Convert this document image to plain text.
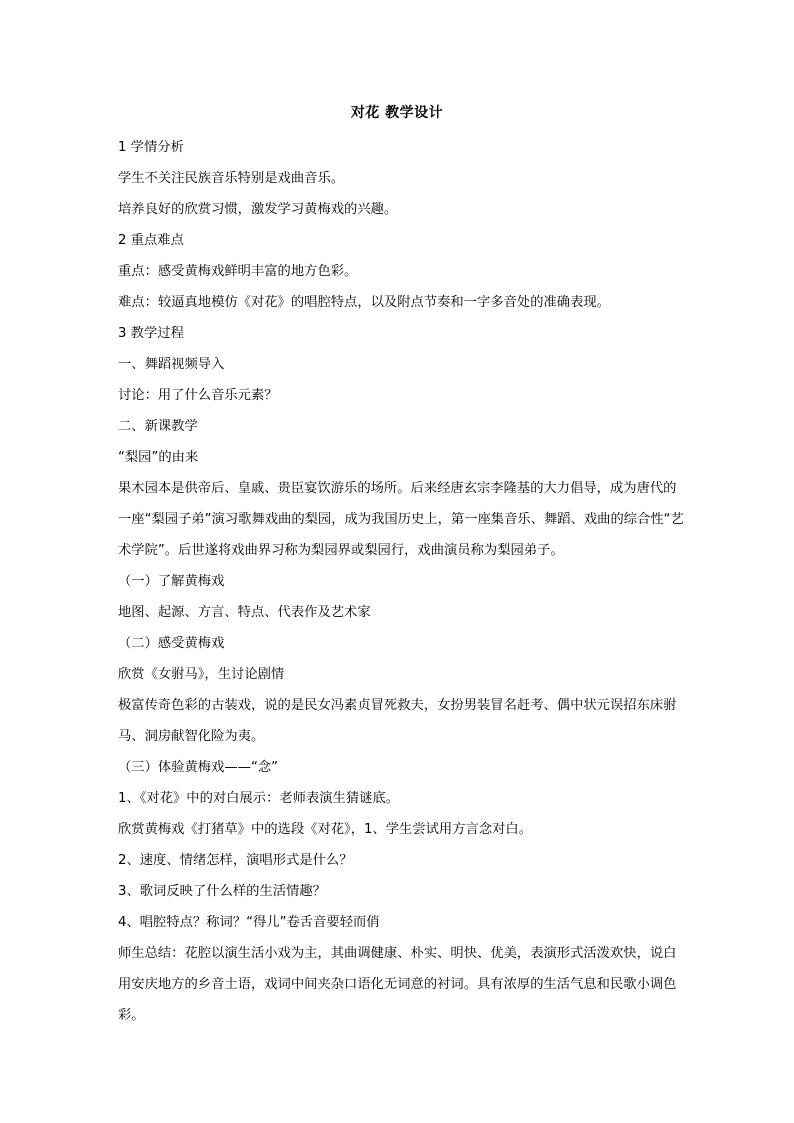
对花 教学设计

1 学情分析

学生不关注民族音乐特别是戏曲音乐。

培养良好的欣赏习惯，激发学习黄梅戏的兴趣。

2 重点难点

重点：感受黄梅戏鲜明丰富的地方色彩。

难点：较逼真地模仿《对花》的唱腔特点，以及附点节奏和一字多音处的准确表现。

3 教学过程

一、舞蹈视频导入

讨论：用了什么音乐元素？

二、新课教学

“梨园”的由来

果木园本是供帝后、皇戚、贵臣宴饮游乐的场所。后来经唐玄宗李隆基的大力倡导，成为唐代的一座“梨园子弟”演习歌舞戏曲的梨园，成为我国历史上，第一座集音乐、舞蹈、戏曲的综合性“艺术学院”。后世遂将戏曲界习称为梨园界或梨园行，戏曲演员称为梨园弟子。

（一）了解黄梅戏

地图、起源、方言、特点、代表作及艺术家

（二）感受黄梅戏

欣赏《女驸马》，生讨论剧情

极富传奇色彩的古装戏，说的是民女冯素贞冒死救夫，女扮男装冒名赶考、偶中状元误招东床驸马、洞房献智化险为夷。

（三）体验黄梅戏——“念”

1、《对花》中的对白展示：老师表演生猜谜底。

欣赏黄梅戏《打猪草》中的选段《对花》，1、学生尝试用方言念对白。

2、速度、情绪怎样，演唱形式是什么？

3、歌词反映了什么样的生活情趣？

4、唱腔特点？称词？“得儿”卷舌音要轻而俏

师生总结：花腔以演生活小戏为主，其曲调健康、朴实、明快、优美，表演形式活泼欢快，说白用安庆地方的乡音土语，戏词中间夹杂口语化无词意的衬词。具有浓厚的生活气息和民歌小调色彩。
